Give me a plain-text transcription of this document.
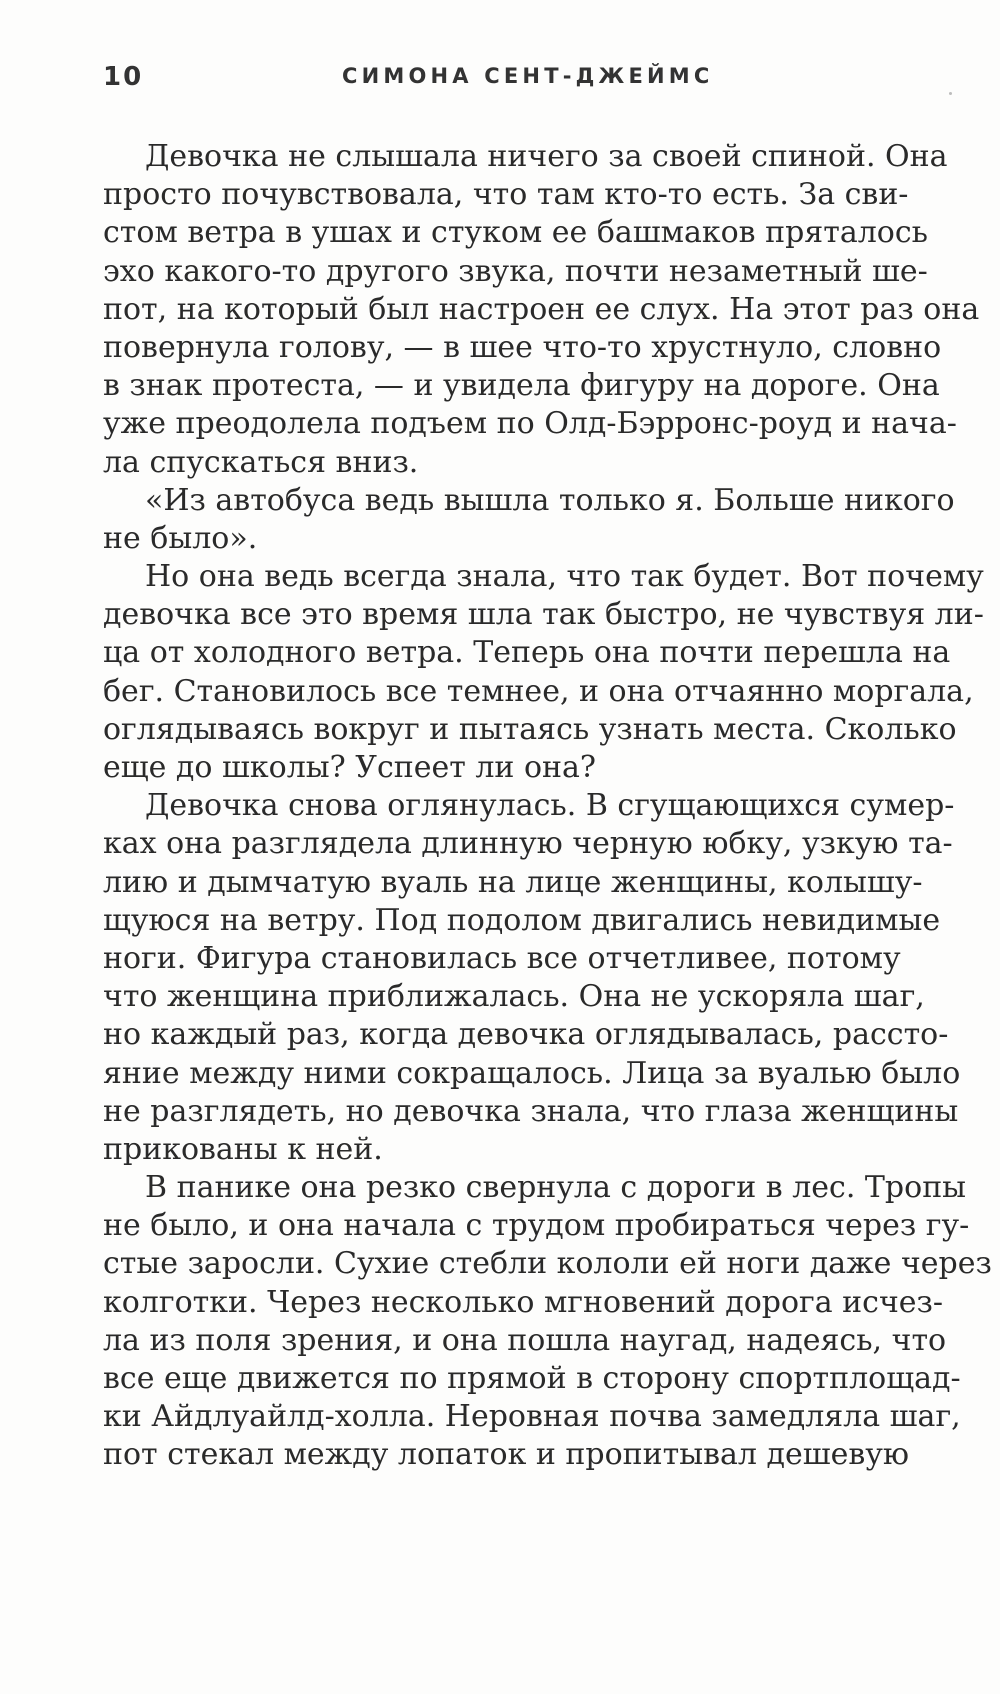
10	СИМОНА СЕНТ-ДЖЕЙМС
Девочка не слышала ничего за своей спиной. Она
просто почувствовала, что там кто-то есть. За сви-
стом ветра в ушах и стуком ее башмаков пряталось
эхо какого-то другого звука, почти незаметный ше-
пот, на который был настроен ее слух. На этот раз она
повернула голову, — в шее что-то хрустнуло, словно
в знак протеста, — и увидела фигуру на дороге. Она
уже преодолела подъем по Олд-Бэрронс-роуд и нача-
ла спускаться вниз.
«Из автобуса ведь вышла только я. Больше никого
не было».
Но она ведь всегда знала, что так будет. Вот почему
девочка все это время шла так быстро, не чувствуя ли-
ца от холодного ветра. Теперь она почти перешла на
бег. Становилось все темнее, и она отчаянно моргала,
оглядываясь вокруг и пытаясь узнать места. Сколько
еще до школы? Успеет ли она?
Девочка снова оглянулась. В сгущающихся сумер-
ках она разглядела длинную черную юбку, узкую та-
лию и дымчатую вуаль на лице женщины, колышу-
щуюся на ветру. Под подолом двигались невидимые
ноги. Фигура становилась все отчетливее, потому
что женщина приближалась. Она не ускоряла шаг,
но каждый раз, когда девочка оглядывалась, рассто-
яние между ними сокращалось. Лица за вуалью было
не разглядеть, но девочка знала, что глаза женщины
прикованы к ней.
В панике она резко свернула с дороги в лес. Тропы
не было, и она начала с трудом пробираться через гу-
стые заросли. Сухие стебли кололи ей ноги даже через
колготки. Через несколько мгновений дорога исчез-
ла из поля зрения, и она пошла наугад, надеясь, что
все еще движется по прямой в сторону спортплощад-
ки Айдлуайлд-холла. Неровная почва замедляла шаг,
пот стекал между лопаток и пропитывал дешевую
